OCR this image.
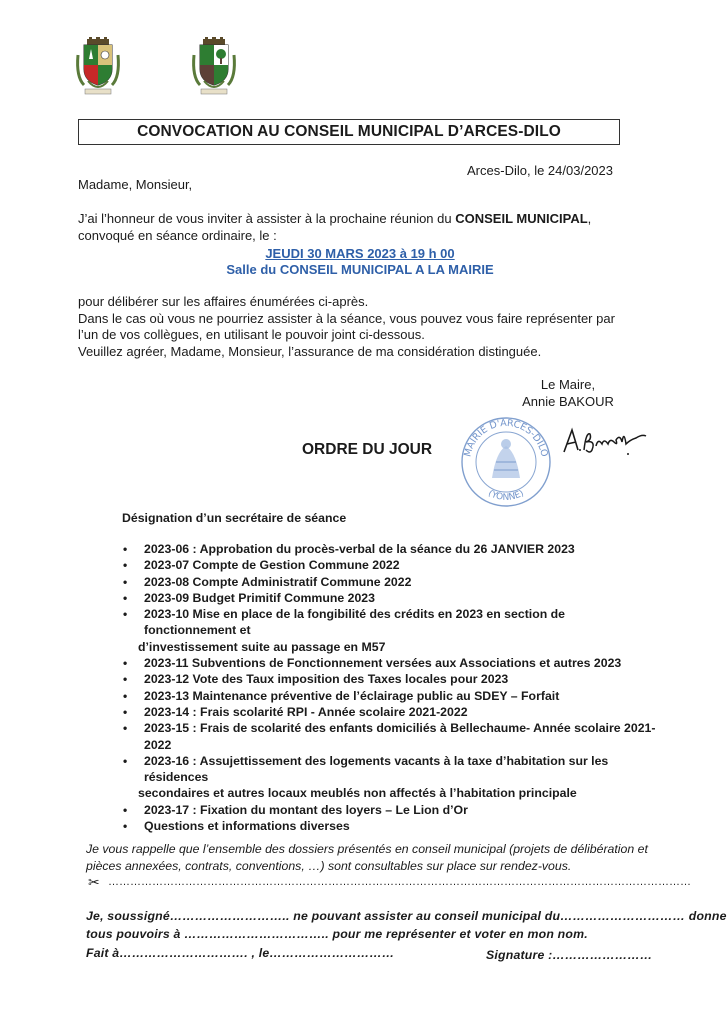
CONVOCATION AU CONSEIL MUNICIPAL D’ARCES-DILO
Arces-Dilo, le 24/03/2023
Madame, Monsieur,
J’ai l’honneur de vous inviter à assister à la prochaine réunion du CONSEIL MUNICIPAL, convoqué en séance ordinaire, le :
JEUDI 30 MARS 2023 à 19 h 00
Salle du CONSEIL MUNICIPAL A LA MAIRIE
pour délibérer sur les affaires énumérées ci-après.
Dans le cas où vous ne pourriez assister à la séance, vous pouvez vous faire représenter par l’un de vos collègues, en utilisant le pouvoir joint ci-dessous.
Veuillez agréer, Madame, Monsieur, l’assurance de ma considération distinguée.
Le Maire,
Annie BAKOUR
ORDRE DU JOUR	MAIRIE D'ARCES-DILO
(YONNE)
Désignation d’un secrétaire de séance
• 2023-06 : Approbation du procès-verbal de la séance du 26 JANVIER 2023
• 2023-07 Compte de Gestion Commune 2022
• 2023-08 Compte Administratif Commune 2022
• 2023-09 Budget Primitif Commune 2023
• 2023-10 Mise en place de la fongibilité des crédits en 2023 en section de fonctionnement et
d’investissement suite au passage en M57
• 2023-11 Subventions de Fonctionnement versées aux Associations et autres 2023
• 2023-12 Vote des Taux imposition des Taxes locales pour 2023
• 2023-13 Maintenance préventive de l’éclairage public au SDEY – Forfait
• 2023-14 : Frais scolarité RPI - Année scolaire 2021-2022
• 2023-15 : Frais de scolarité des enfants domiciliés à Bellechaume- Année scolaire 2021-2022
• 2023-16 : Assujettissement des logements vacants à la taxe d’habitation sur les résidences
secondaires et autres locaux meublés non affectés à l’habitation principale
• 2023-17 : Fixation du montant des loyers – Le Lion d’Or
• Questions et informations diverses
Je vous rappelle que l’ensemble des dossiers présentés en conseil municipal (projets de délibération et
pièces annexées, contrats, conventions, …) sont consultables sur place sur rendez-vous.
✂ ……………………………………………………………………………………………………………………………………………
Je, soussigné……………………….. ne pouvant assister au conseil municipal du………………………… donne
tous pouvoirs à …………………………….. pour me représenter et voter en mon nom.
Fait à…………………………. , le…………………………	Signature :……………………
